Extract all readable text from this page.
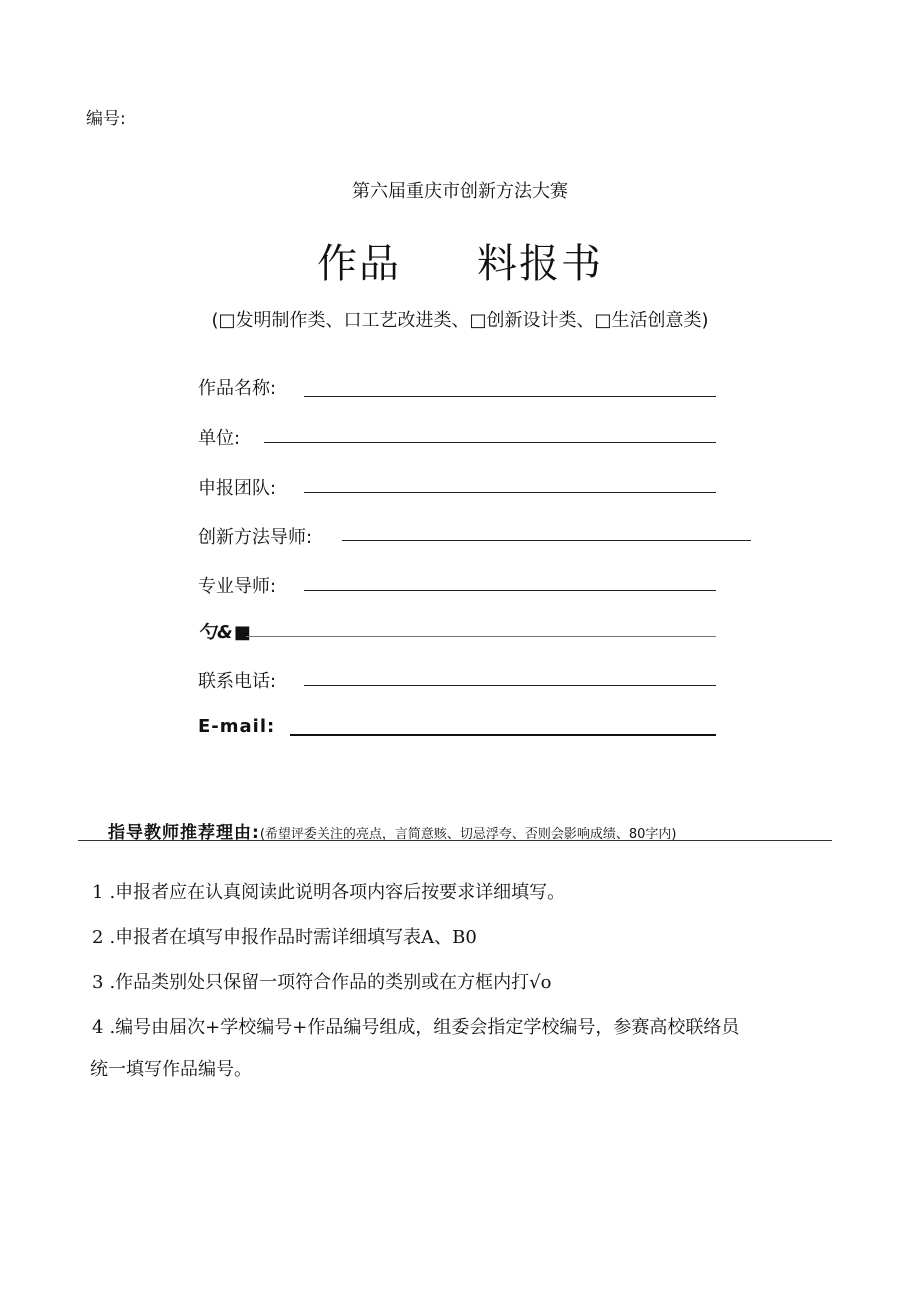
编号:
第六届重庆市创新方法大赛
作品 料报书
(□发明制作类、口工艺改进类、□创新设计类、□生活创意类)
作品名称:
单位:
申报团队:
创新方法导师:
专业导师:
勺&■
联系电话:
E-mail:
指导教师推荐理由:(希望评委关注的亮点，言简意赅、切忌浮夸、否则会影响成绩、80字内)
1 .申报者应在认真阅读此说明各项内容后按要求详细填写。
2 .申报者在填写申报作品时需详细填写表A、B0
3 .作品类别处只保留一项符合作品的类别或在方框内打√o
4 .编号由届次+学校编号+作品编号组成，组委会指定学校编号，参赛高校联络员
统一填写作品编号。
